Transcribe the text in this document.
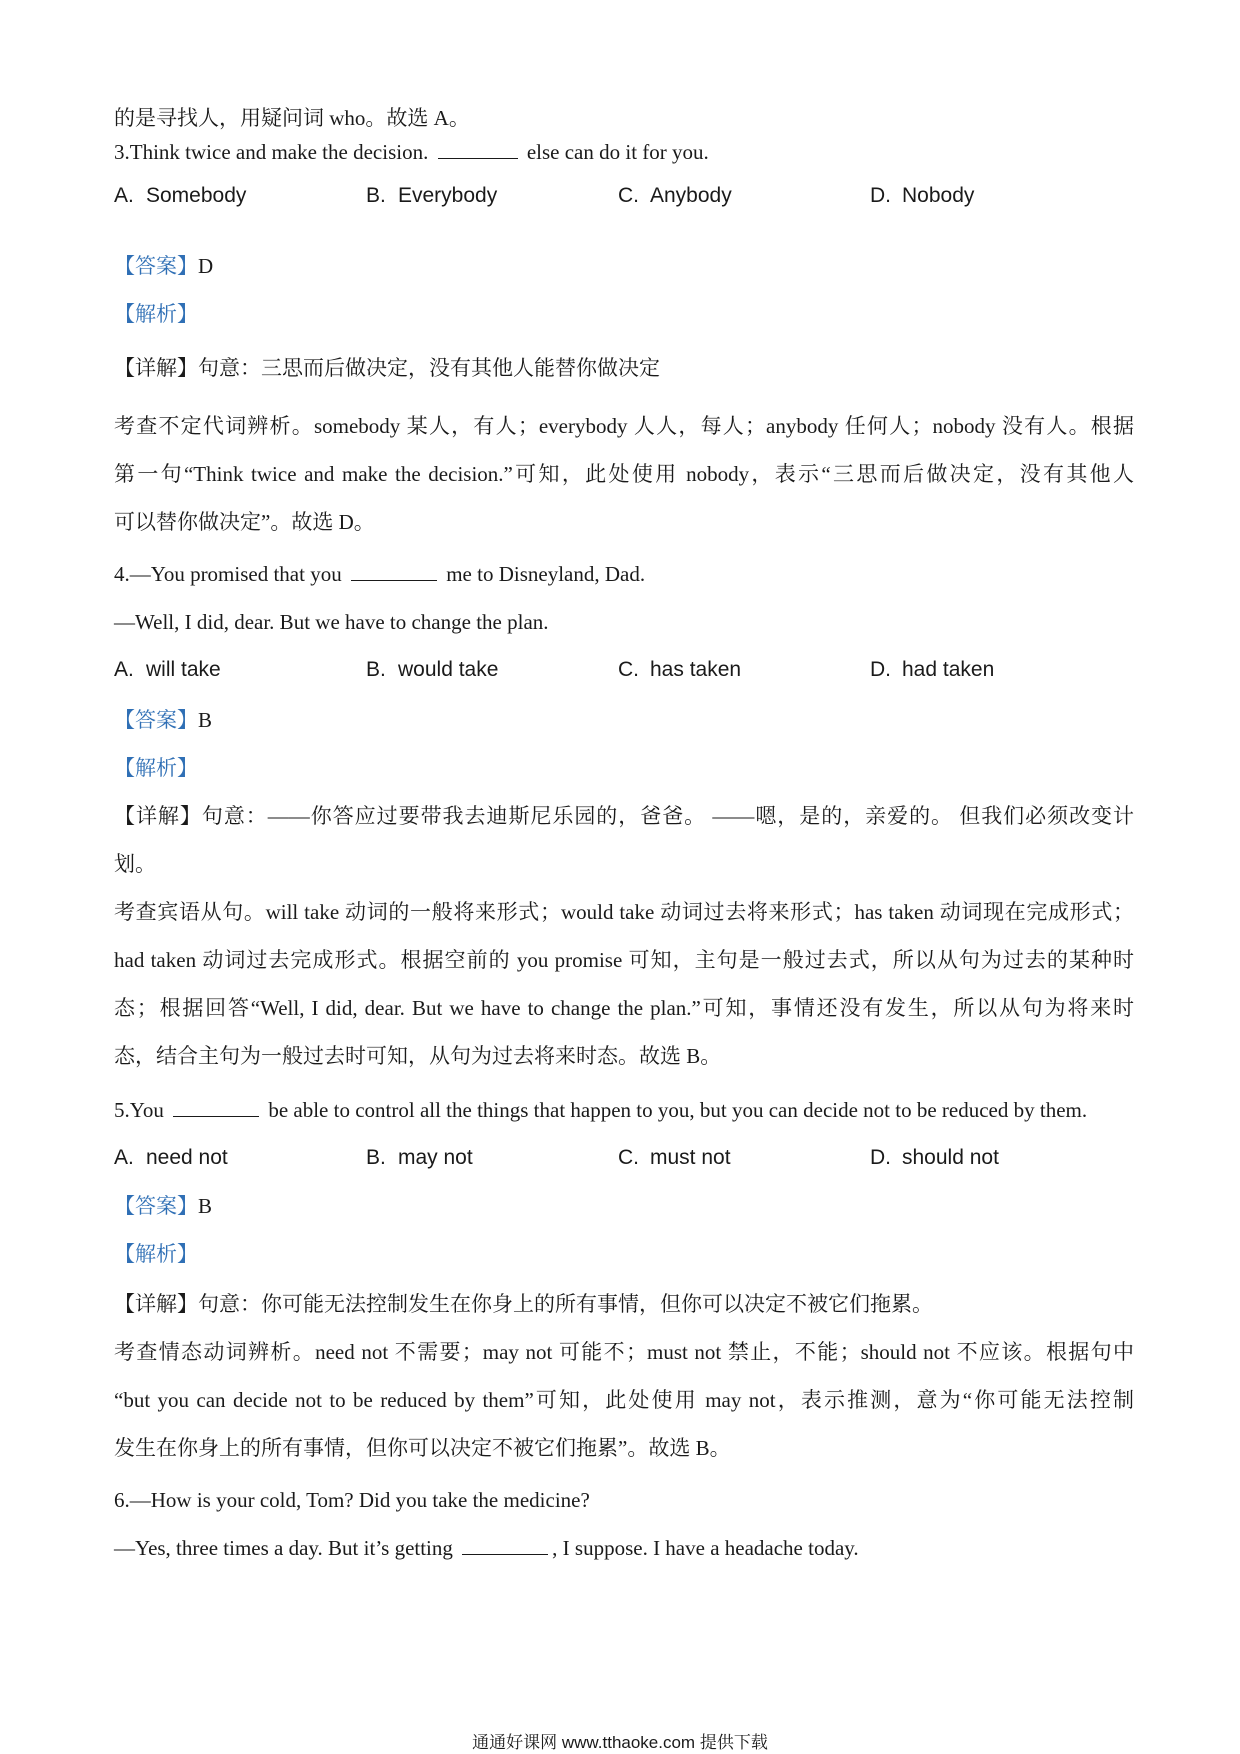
的是寻找人，用疑问词 who。故选 A。
3.Think twice and make the decision.	else can do it for you.
A. Somebody	B. Everybody	C. Anybody	D. Nobody
【答案】D
【解析】
【详解】句意：三思而后做决定，没有其他人能替你做决定
考查不定代词辨析。somebody 某人，有人；everybody 人人，每人；anybody 任何人；nobody 没有人。根据
第一句“Think twice and make the decision.”可知，此处使用 nobody，表示“三思而后做决定，没有其他人
可以替你做决定”。故选 D。
4.—You promised that you	me to Disneyland, Dad.
—Well, I did, dear. But we have to change the plan.
A. will take	B. would take	C. has taken	D. had taken
【答案】B
【解析】
【详解】句意：——你答应过要带我去迪斯尼乐园的，爸爸。 ——嗯，是的，亲爱的。 但我们必须改变计
划。
考查宾语从句。will take 动词的一般将来形式；would take 动词过去将来形式；has taken 动词现在完成形式；
had taken 动词过去完成形式。根据空前的 you promise 可知，主句是一般过去式，所以从句为过去的某种时
态；根据回答“Well, I did, dear. But we have to change the plan.”可知，事情还没有发生，所以从句为将来时
态，结合主句为一般过去时可知，从句为过去将来时态。故选 B。
5.You	be able to control all the things that happen to you, but you can decide not to be reduced by them.
A. need not	B. may not	C. must not	D. should not
【答案】B
【解析】
【详解】句意：你可能无法控制发生在你身上的所有事情，但你可以决定不被它们拖累。
考查情态动词辨析。need not 不需要；may not 可能不；must not 禁止，不能；should not 不应该。根据句中
“but you can decide not to be reduced by them”可知，此处使用 may not，表示推测，意为“你可能无法控制
发生在你身上的所有事情，但你可以决定不被它们拖累”。故选 B。
6.—How is your cold, Tom? Did you take the medicine?
—Yes, three times a day. But it’s getting	, I suppose. I have a headache today.
通通好课网 www.tthaoke.com 提供下载
